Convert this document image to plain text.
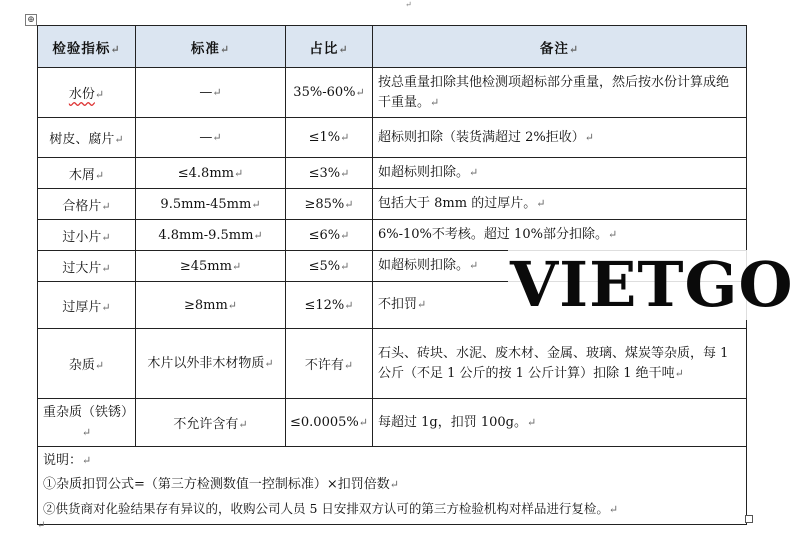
↵
⊕
检验指标↵	标准↵	占比↵	备注↵
水份↵	—↵	35%-60%↵	按总重量扣除其他检测项超标部分重量，然后按水份计算成绝干重量。↵
树皮、腐片↵	—↵	≤1%↵	超标则扣除（装货满超过 2%拒收）↵
木屑↵	≤4.8mm↵	≤3%↵	如超标则扣除。↵
合格片↵	9.5mm-45mm↵	≥85%↵	包括大于 8mm 的过厚片。↵
过小片↵	4.8mm-9.5mm↵	≤6%↵	6%-10%不考核。超过 10%部分扣除。↵
过大片↵	≥45mm↵	≤5%↵	如超标则扣除。↵
过厚片↵	≥8mm↵	≤12%↵	不扣罚↵
杂质↵	木片以外非木材物质↵	不许有↵	石头、砖块、水泥、废木材、金属、玻璃、煤炭等杂质，每 1 公斤（不足 1 公斤的按 1 公斤计算）扣除 1 绝干吨↵
重杂质（铁锈）↵	不允许含有↵	≤0.0005%↵	每超过 1g，扣罚 100g。↵

说明：↵
①杂质扣罚公式=（第三方检测数值一控制标准）×扣罚倍数↵
②供货商对化验结果存有异议的，收购公司人员 5 日安排双方认可的第三方检验机构对样品进行复检。↵			
VIETGO
↵
